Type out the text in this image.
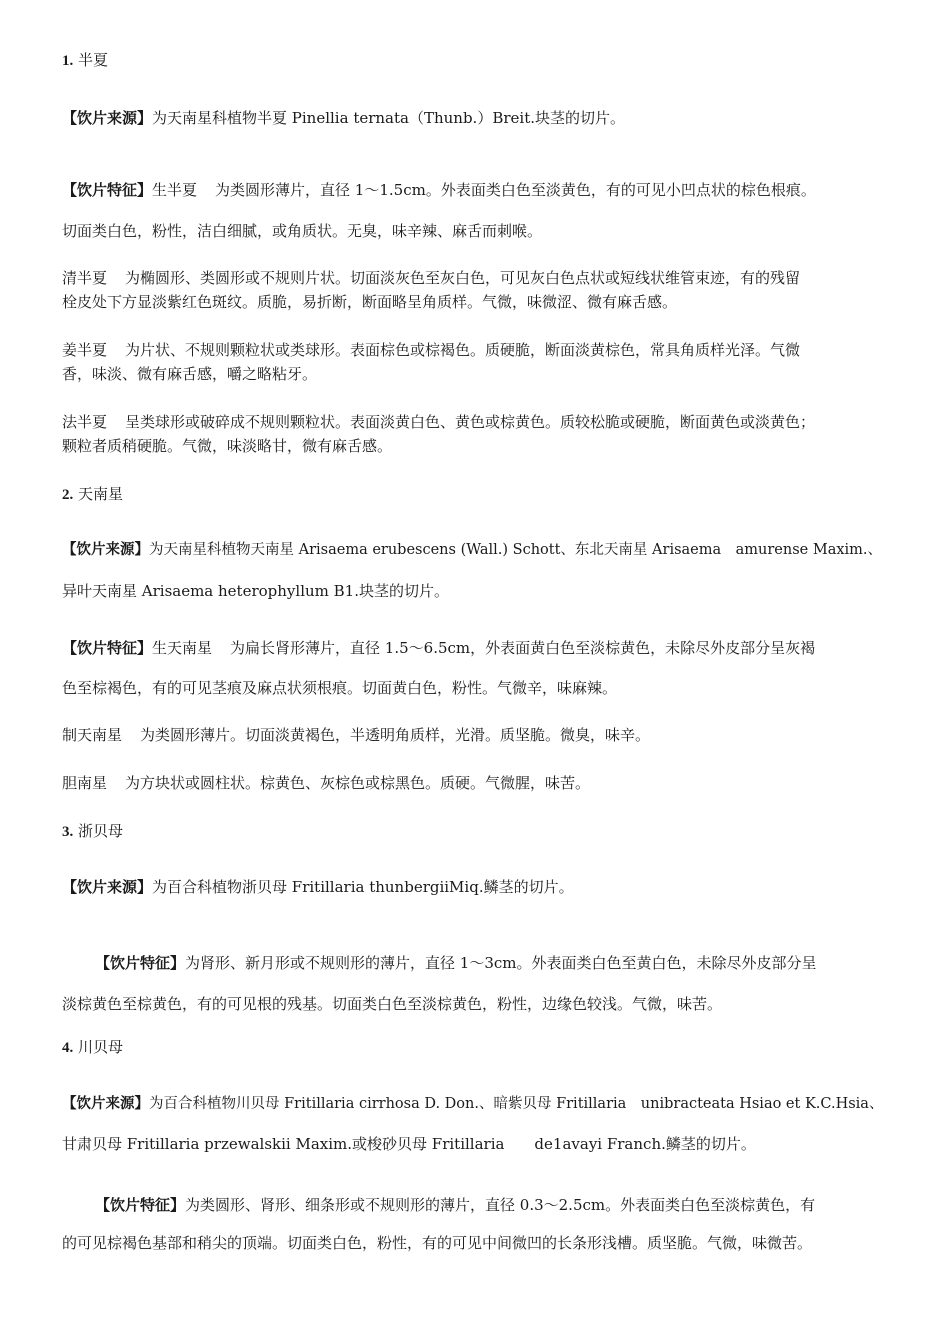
1. 半夏
【饮片来源】为天南星科植物半夏 Pinellia ternata（Thunb.）Breit.块茎的切片。
【饮片特征】生半夏 为类圆形薄片，直径 1～1.5cm。外表面类白色至淡黄色，有的可见小凹点状的棕色根痕。
切面类白色，粉性，洁白细腻，或角质状。无臭，味辛辣、麻舌而刺喉。
清半夏 为椭圆形、类圆形或不规则片状。切面淡灰色至灰白色，可见灰白色点状或短线状维管束迹，有的残留
栓皮处下方显淡紫红色斑纹。质脆，易折断，断面略呈角质样。气微，味微涩、微有麻舌感。
姜半夏 为片状、不规则颗粒状或类球形。表面棕色或棕褐色。质硬脆，断面淡黄棕色，常具角质样光泽。气微
香，味淡、微有麻舌感，嚼之略粘牙。
法半夏 呈类球形或破碎成不规则颗粒状。表面淡黄白色、黄色或棕黄色。质较松脆或硬脆，断面黄色或淡黄色；
颗粒者质稍硬脆。气微，味淡略甘，微有麻舌感。
2. 天南星
【饮片来源】为天南星科植物天南星 Arisaema erubescens (Wall.) Schott、东北天南星 Arisaema　amurense Maxim.、
异叶天南星 Arisaema heterophyllum B1.块茎的切片。
【饮片特征】生天南星 为扁长肾形薄片，直径 1.5～6.5cm，外表面黄白色至淡棕黄色，未除尽外皮部分呈灰褐
色至棕褐色，有的可见茎痕及麻点状须根痕。切面黄白色，粉性。气微辛，味麻辣。
制天南星 为类圆形薄片。切面淡黄褐色，半透明角质样，光滑。质坚脆。微臭，味辛。
胆南星 为方块状或圆柱状。棕黄色、灰棕色或棕黑色。质硬。气微腥，味苦。
3. 浙贝母
【饮片来源】为百合科植物浙贝母 Fritillaria thunbergiiMiq.鳞茎的切片。
【饮片特征】为肾形、新月形或不规则形的薄片，直径 1～3cm。外表面类白色至黄白色，未除尽外皮部分呈
淡棕黄色至棕黄色，有的可见根的残基。切面类白色至淡棕黄色，粉性，边缘色较浅。气微，味苦。
4. 川贝母
【饮片来源】为百合科植物川贝母 Fritillaria cirrhosa D. Don.、暗紫贝母 Fritillaria　unibracteata Hsiao et K.C.Hsia、
甘肃贝母 Fritillaria przewalskii Maxim.或梭砂贝母 Fritillaria　　de1avayi Franch.鳞茎的切片。
【饮片特征】为类圆形、肾形、细条形或不规则形的薄片，直径 0.3～2.5cm。外表面类白色至淡棕黄色，有
的可见棕褐色基部和稍尖的顶端。切面类白色，粉性，有的可见中间微凹的长条形浅槽。质坚脆。气微，味微苦。
